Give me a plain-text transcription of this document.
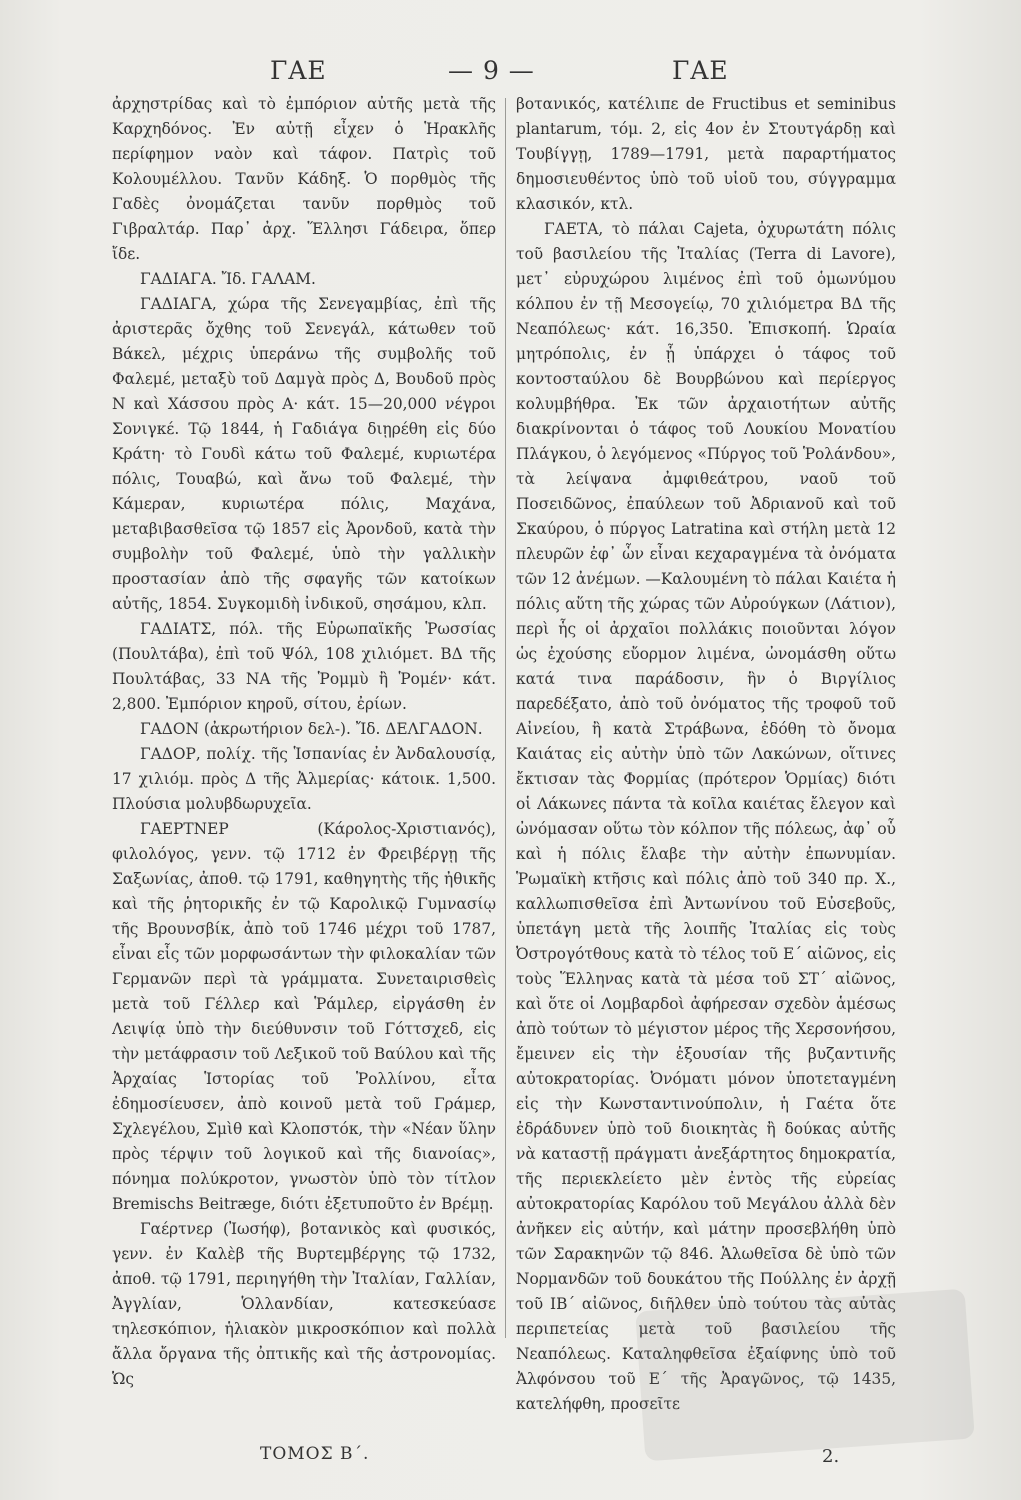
ΓΑΕ	— 9 —	ΓΑΕ

ἀρχηστρίδας καὶ τὸ ἐμπόριον αὐτῆς μετὰ τῆς Καρχηδόνος. Ἐν αὐτῇ εἶχεν ὁ Ἡρακλῆς περίφημον ναὸν καὶ τάφον. Πατρὶς τοῦ Κολουμέλλου. Τανῦν Κάδηξ. Ὁ πορθμὸς τῆς Γαδὲς ὀνομάζεται τανῦν πορθμὸς τοῦ Γιβραλτάρ. Παρ᾽ ἀρχ. Ἕλλησι Γάδειρα, ὅπερ ἴδε.

ΓΑΔΙΑΓΑ. Ἴδ. ΓΑΛΑΜ.

ΓΑΔΙΑΓΑ, χώρα τῆς Σενεγαμβίας, ἐπὶ τῆς ἀριστερᾶς ὄχθης τοῦ Σενεγάλ, κάτωθεν τοῦ Βάκελ, μέχρις ὑπεράνω τῆς συμβολῆς τοῦ Φαλεμέ, μεταξὺ τοῦ Δαμγὰ πρὸς Δ, Βουδοῦ πρὸς Ν καὶ Χάσσου πρὸς Α· κάτ. 15—20,000 νέγροι Σονιγκέ. Τῷ 1844, ἡ Γαδιάγα διῃρέθη εἰς δύο Κράτη· τὸ Γουδὶ κάτω τοῦ Φαλεμέ, κυριωτέρα πόλις, Τουαβώ, καὶ ἄνω τοῦ Φαλεμέ, τὴν Κάμεραν, κυριωτέρα πόλις, Μαχάνα, μεταβιβασθεῖσα τῷ 1857 εἰς Ἀρονδοῦ, κατὰ τὴν συμβολὴν τοῦ Φαλεμέ, ὑπὸ τὴν γαλλικὴν προστασίαν ἀπὸ τῆς σφαγῆς τῶν κατοίκων αὐτῆς, 1854. Συγκομιδὴ ἰνδικοῦ, σησάμου, κλπ.

ΓΑΔΙΑΤΣ, πόλ. τῆς Εὐρωπαϊκῆς Ῥωσσίας (Πουλτάβα), ἐπὶ τοῦ Ψόλ, 108 χιλιόμετ. ΒΔ τῆς Πουλτάβας, 33 ΝΑ τῆς Ῥομμὺ ἢ Ῥομέν· κάτ. 2,800. Ἐμπόριον κηροῦ, σίτου, ἐρίων.

ΓΑΔΟΝ (ἀκρωτήριον δελ-). Ἴδ. ΔΕΛΓΑΔΟΝ.

ΓΑΔΟΡ, πολίχ. τῆς Ἱσπανίας ἐν Ἀνδαλουσίᾳ, 17 χιλιόμ. πρὸς Δ τῆς Ἀλμερίας· κάτοικ. 1,500. Πλούσια μολυβδωρυχεῖα.

ΓΑΕΡΤΝΕΡ (Κάρολος-Χριστιανός), φιλολόγος, γενν. τῷ 1712 ἐν Φρειβέργῃ τῆς Σαξωνίας, ἀποθ. τῷ 1791, καθηγητὴς τῆς ἠθικῆς καὶ τῆς ῥητορικῆς ἐν τῷ Καρολικῷ Γυμνασίῳ τῆς Βρουνσβίκ, ἀπὸ τοῦ 1746 μέχρι τοῦ 1787, εἶναι εἷς τῶν μορφωσάντων τὴν φιλοκαλίαν τῶν Γερμανῶν περὶ τὰ γράμματα. Συνεταιρισθεὶς μετὰ τοῦ Γέλλερ καὶ Ῥάμλερ, εἰργάσθη ἐν Λειψίᾳ ὑπὸ τὴν διεύθυνσιν τοῦ Γόττσχεδ, εἰς τὴν μετάφρασιν τοῦ Λεξικοῦ τοῦ Βαύλου καὶ τῆς Ἀρχαίας Ἱστορίας τοῦ Ῥολλίνου, εἶτα ἐδημοσίευσεν, ἀπὸ κοινοῦ μετὰ τοῦ Γράμερ, Σχλεγέλου, Σμὶθ καὶ Κλοπστόκ, τὴν «Νέαν ὕλην πρὸς τέρψιν τοῦ λογικοῦ καὶ τῆς διανοίας», πόνημα πολύκροτον, γνωστὸν ὑπὸ τὸν τίτλον Bremischs Beitræge, διότι ἐξετυποῦτο ἐν Βρέμῃ.

Γαέρτνερ (Ἰωσήφ), βοτανικὸς καὶ φυσικός, γενν. ἐν Καλὲβ τῆς Βυρτεμβέργης τῷ 1732, ἀποθ. τῷ 1791, περιηγήθη τὴν Ἰταλίαν, Γαλλίαν, Ἀγγλίαν, Ὁλλανδίαν, κατεσκεύασε τηλεσκόπιον, ἡλιακὸν μικροσκόπιον καὶ πολλὰ ἄλλα ὄργανα τῆς ὀπτικῆς καὶ τῆς ἀστρονομίας. Ὡς

βοτανικός, κατέλιπε de Fructibus et seminibus plantarum, τόμ. 2, εἰς 4ον ἐν Στουτγάρδῃ καὶ Τουβίγγῃ, 1789—1791, μετὰ παραρτήματος δημοσιευθέντος ὑπὸ τοῦ υἱοῦ του, σύγγραμμα κλασικόν, κτλ.

ΓΑΕΤΑ, τὸ πάλαι Cajeta, ὀχυρωτάτη πόλις τοῦ βασιλείου τῆς Ἰταλίας (Terra di Lavore), μετ᾽ εὐρυχώρου λιμένος ἐπὶ τοῦ ὁμωνύμου κόλπου ἐν τῇ Μεσογείῳ, 70 χιλιόμετρα ΒΔ τῆς Νεαπόλεως· κάτ. 16,350. Ἐπισκοπή. Ὡραία μητρόπολις, ἐν ᾗ ὑπάρχει ὁ τάφος τοῦ κοντοσταύλου δὲ Βουρβώνου καὶ περίεργος κολυμβήθρα. Ἐκ τῶν ἀρχαιοτήτων αὐτῆς διακρίνονται ὁ τάφος τοῦ Λουκίου Μονατίου Πλάγκου, ὁ λεγόμενος «Πύργος τοῦ Ῥολάνδου», τὰ λείψανα ἀμφιθεάτρου, ναοῦ τοῦ Ποσειδῶνος, ἐπαύλεων τοῦ Ἀδριανοῦ καὶ τοῦ Σκαύρου, ὁ πύργος Latratina καὶ στήλη μετὰ 12 πλευρῶν ἐφ᾽ ὧν εἶναι κεχαραγμένα τὰ ὀνόματα τῶν 12 ἀνέμων. —Καλουμένη τὸ πάλαι Καιέτα ἡ πόλις αὕτη τῆς χώρας τῶν Αὐρούγκων (Λάτιον), περὶ ἧς οἱ ἀρχαῖοι πολλάκις ποιοῦνται λόγον ὡς ἐχούσης εὔορμον λιμένα, ὠνομάσθη οὕτω κατά τινα παράδοσιν, ἣν ὁ Βιργίλιος παρεδέξατο, ἀπὸ τοῦ ὀνόματος τῆς τροφοῦ τοῦ Αἰνείου, ἢ κατὰ Στράβωνα, ἐδόθη τὸ ὄνομα Καιάτας εἰς αὐτὴν ὑπὸ τῶν Λακώνων, οἵτινες ἔκτισαν τὰς Φορμίας (πρότερον Ὁρμίας) διότι οἱ Λάκωνες πάντα τὰ κοῖλα καιέτας ἔλεγον καὶ ὠνόμασαν οὕτω τὸν κόλπον τῆς πόλεως, ἀφ᾽ οὗ καὶ ἡ πόλις ἔλαβε τὴν αὐτὴν ἐπωνυμίαν. Ῥωμαϊκὴ κτῆσις καὶ πόλις ἀπὸ τοῦ 340 πρ. Χ., καλλωπισθεῖσα ἐπὶ Ἀντωνίνου τοῦ Εὐσεβοῦς, ὑπετάγη μετὰ τῆς λοιπῆς Ἰταλίας εἰς τοὺς Ὀστρογότθους κατὰ τὸ τέλος τοῦ Ε´ αἰῶνος, εἰς τοὺς Ἕλληνας κατὰ τὰ μέσα τοῦ ΣΤ´ αἰῶνος, καὶ ὅτε οἱ Λομβαρδοὶ ἀφήρεσαν σχεδὸν ἁμέσως ἀπὸ τούτων τὸ μέγιστον μέρος τῆς Χερσονήσου, ἔμεινεν εἰς τὴν ἐξουσίαν τῆς βυζαντινῆς αὐτοκρατορίας. Ὀνόματι μόνον ὑποτεταγμένη εἰς τὴν Κωνσταντινούπολιν, ἡ Γαέτα ὅτε ἐδράδυνεν ὑπὸ τοῦ διοικητὰς ἢ δούκας αὐτῆς νὰ καταστῇ πράγματι ἀνεξάρτητος δημοκρατία, τῆς περιεκλείετο μὲν ἐντὸς τῆς εὐρείας αὐτοκρατορίας Καρόλου τοῦ Μεγάλου ἀλλὰ δὲν ἀνῆκεν εἰς αὐτήν, καὶ μάτην προσεβλήθη ὑπὸ τῶν Σαρακηνῶν τῷ 846. Ἁλωθεῖσα δὲ ὑπὸ τῶν Νορμανδῶν τοῦ δουκάτου τῆς Πούλλης ἐν ἀρχῇ τοῦ ΙΒ´ αἰῶνος, διῆλθεν ὑπὸ τούτου τὰς αὐτὰς περιπετείας μετὰ τοῦ βασιλείου τῆς Νεαπόλεως. Καταληφθεῖσα ἐξαίφνης ὑπὸ τοῦ Ἀλφόνσου τοῦ Ε´ τῆς Ἀραγῶνος, τῷ 1435, κατελήφθη, προσεῖτε

ΤΟΜΟΣ Β΄.	2.
